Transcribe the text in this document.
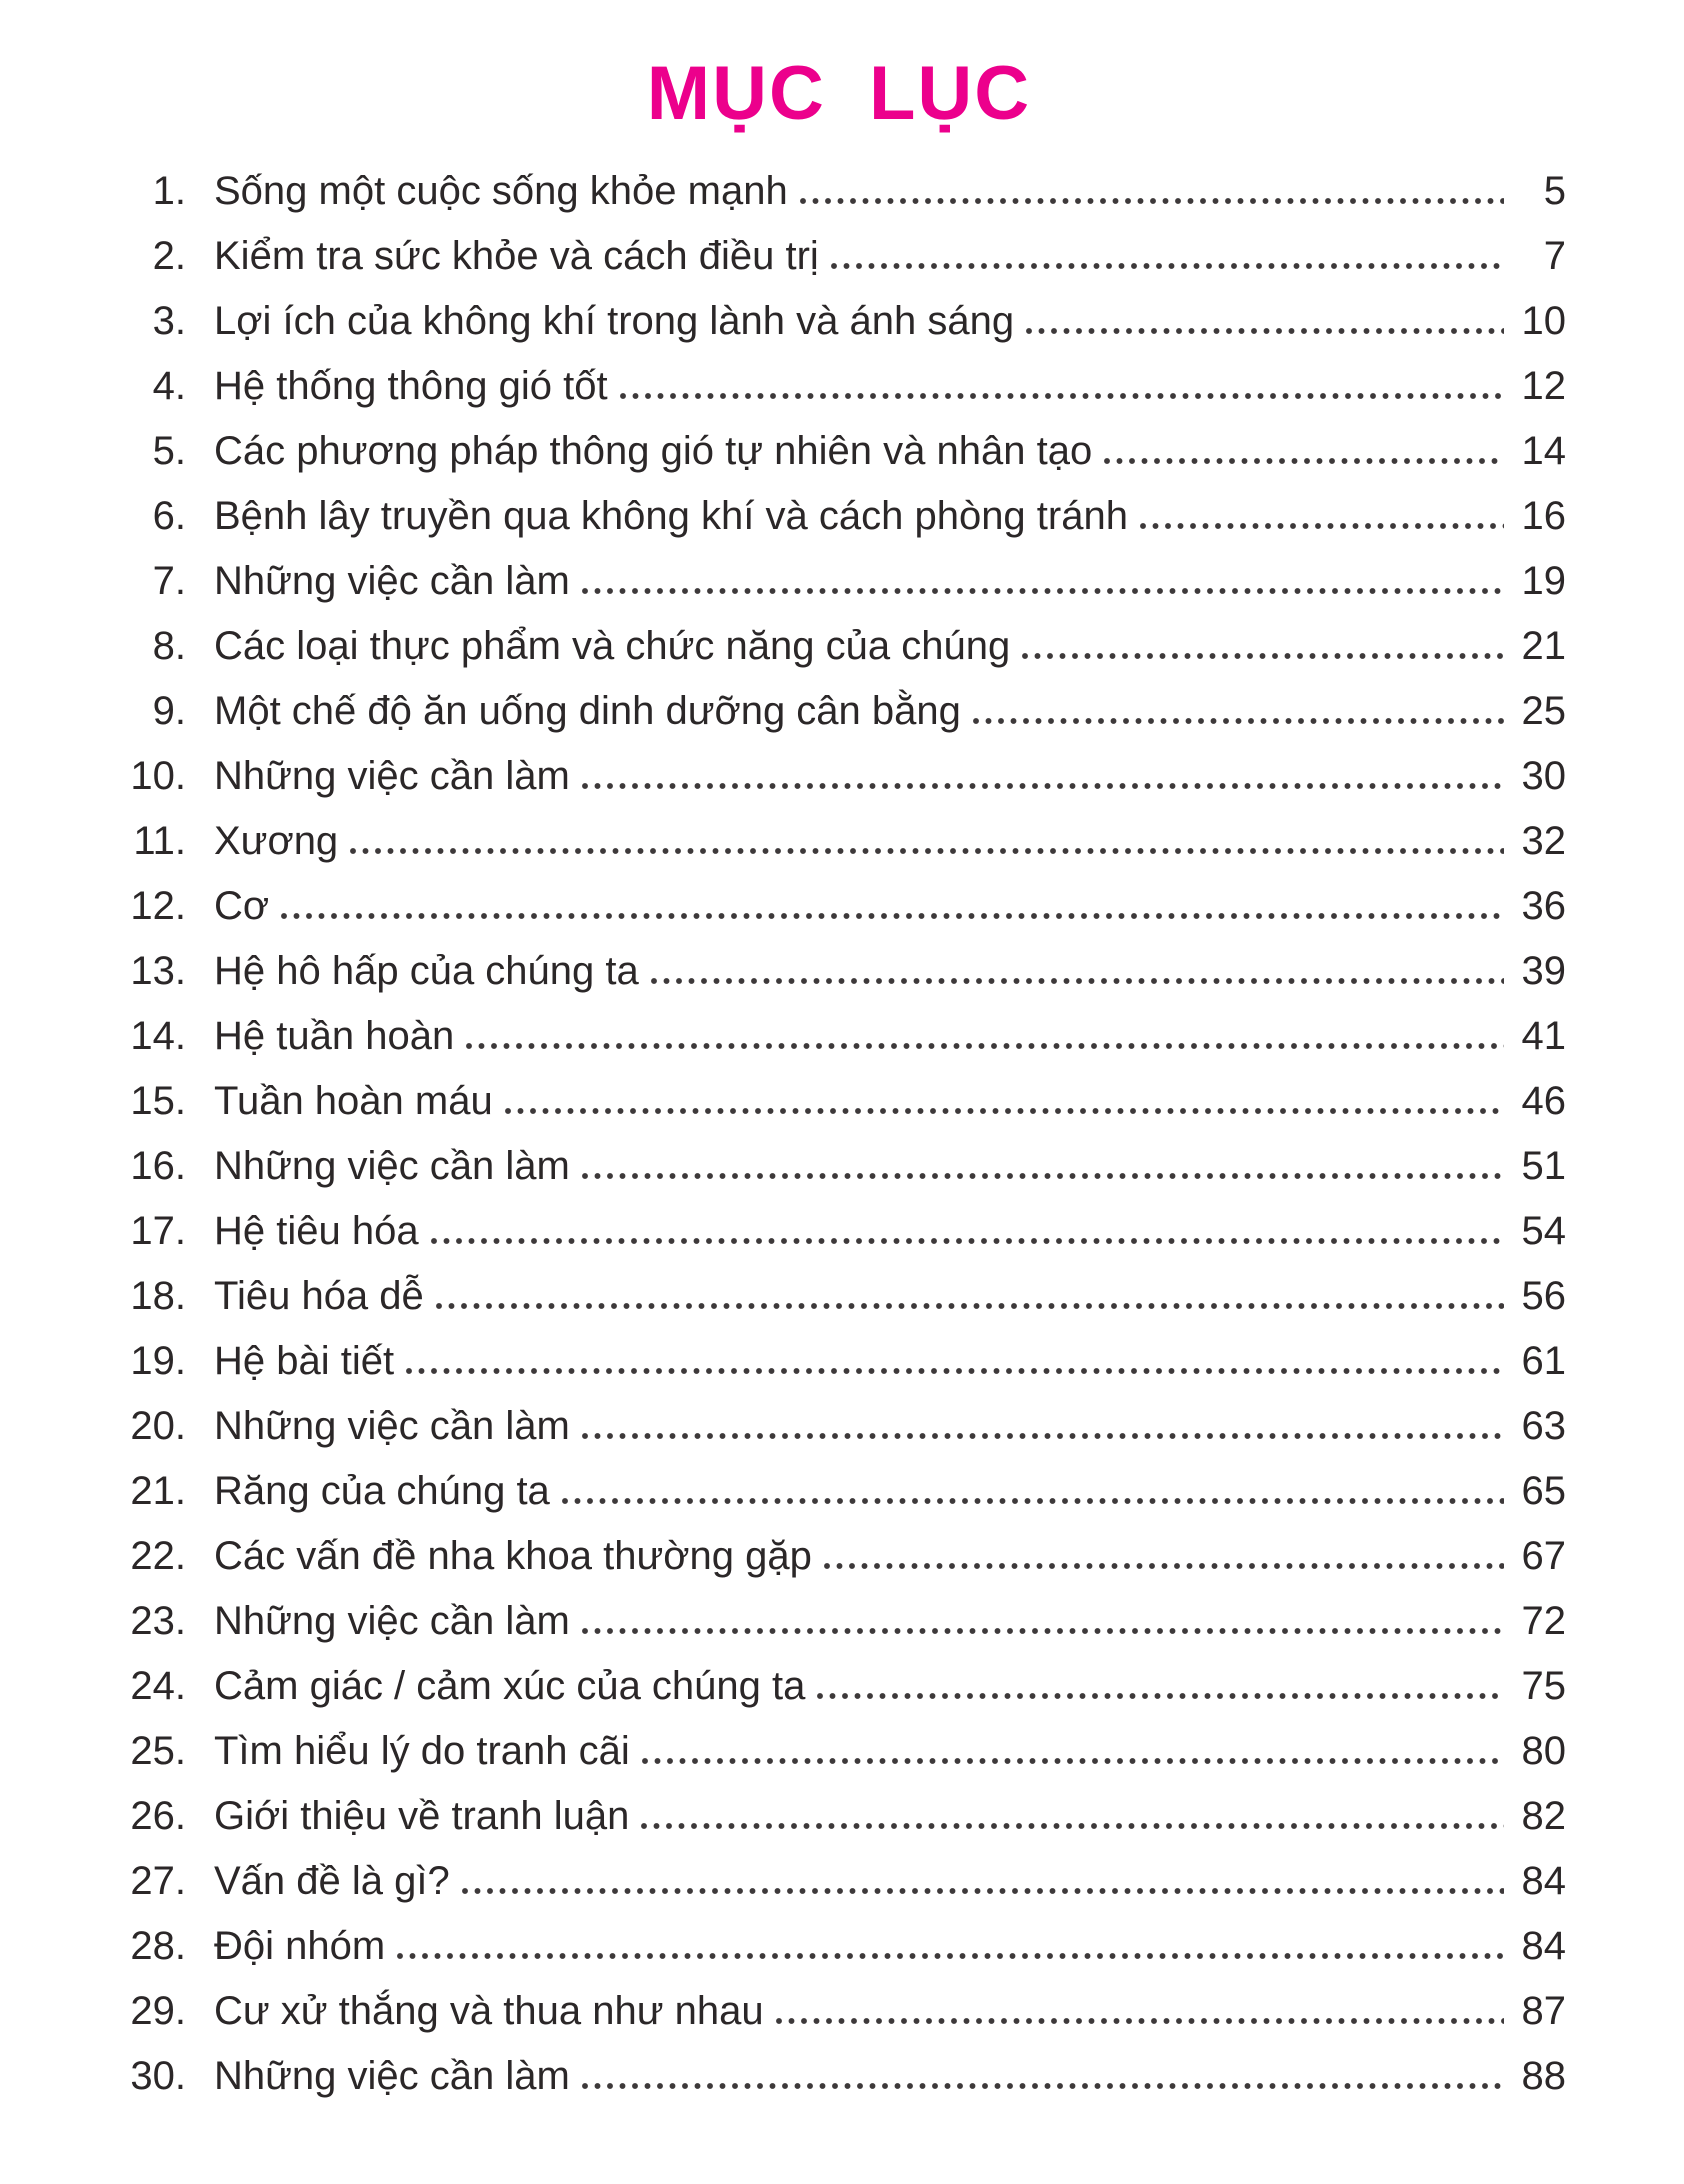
MỤC LỤC
1. Sống một cuộc sống khỏe mạnh	5
2. Kiểm tra sức khỏe và cách điều trị	7
3. Lợi ích của không khí trong lành và ánh sáng	10
4. Hệ thống thông gió tốt	12
5. Các phương pháp thông gió tự nhiên và nhân tạo	14
6. Bệnh lây truyền qua không khí và cách phòng tránh	16
7. Những việc cần làm	19
8. Các loại thực phẩm và chức năng của chúng	21
9. Một chế độ ăn uống dinh dưỡng cân bằng	25
10. Những việc cần làm	30
11. Xương	32
12. Cơ	36
13. Hệ hô hấp của chúng ta	39
14. Hệ tuần hoàn	41
15. Tuần hoàn máu	46
16. Những việc cần làm	51
17. Hệ tiêu hóa	54
18. Tiêu hóa dễ	56
19. Hệ bài tiết	61
20. Những việc cần làm	63
21. Răng của chúng ta	65
22. Các vấn đề nha khoa thường gặp	67
23. Những việc cần làm	72
24. Cảm giác / cảm xúc của chúng ta	75
25. Tìm hiểu lý do tranh cãi	80
26. Giới thiệu về tranh luận	82
27. Vấn đề là gì?	84
28. Đội nhóm	84
29. Cư xử thắng và thua như nhau	87
30. Những việc cần làm	88
